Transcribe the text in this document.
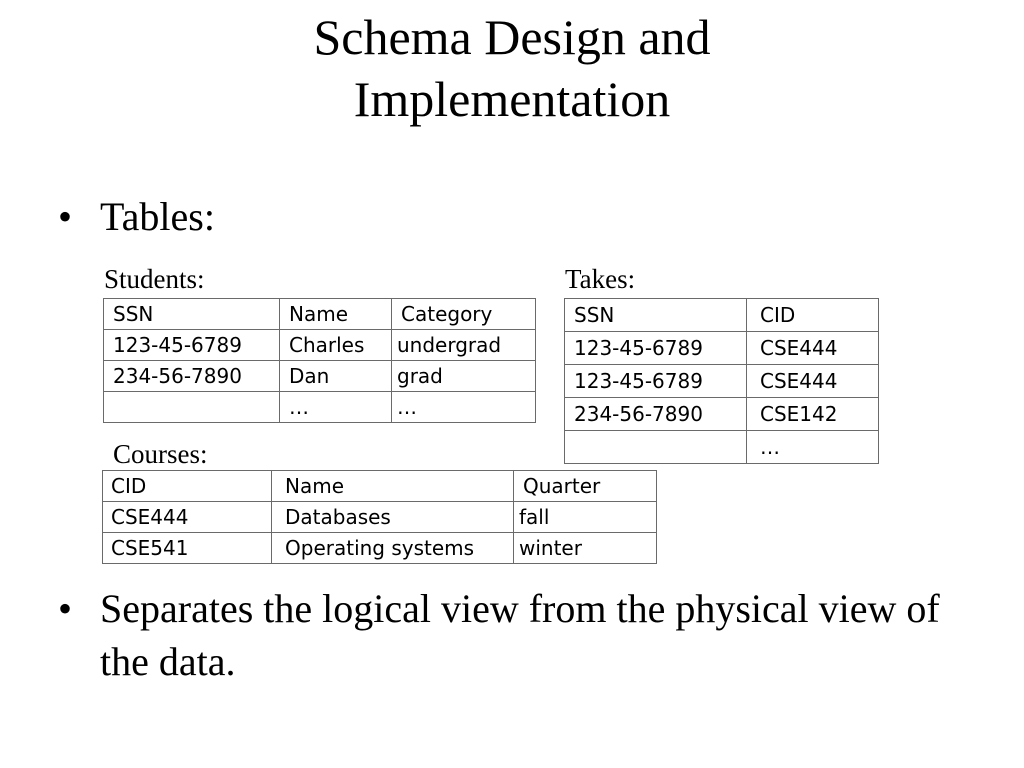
Schema Design and
Implementation
• Tables:
Students:
SSN	Name	Category
123-45-6789	Charles	undergrad
234-56-7890	Dan	grad
	…	…
Takes:
SSN	CID
123-45-6789	CSE444
123-45-6789	CSE444
234-56-7890	CSE142
	…
Courses:
CID	Name	Quarter
CSE444	Databases	fall
CSE541	Operating systems	winter
• Separates the logical view from the physical view of the data.
